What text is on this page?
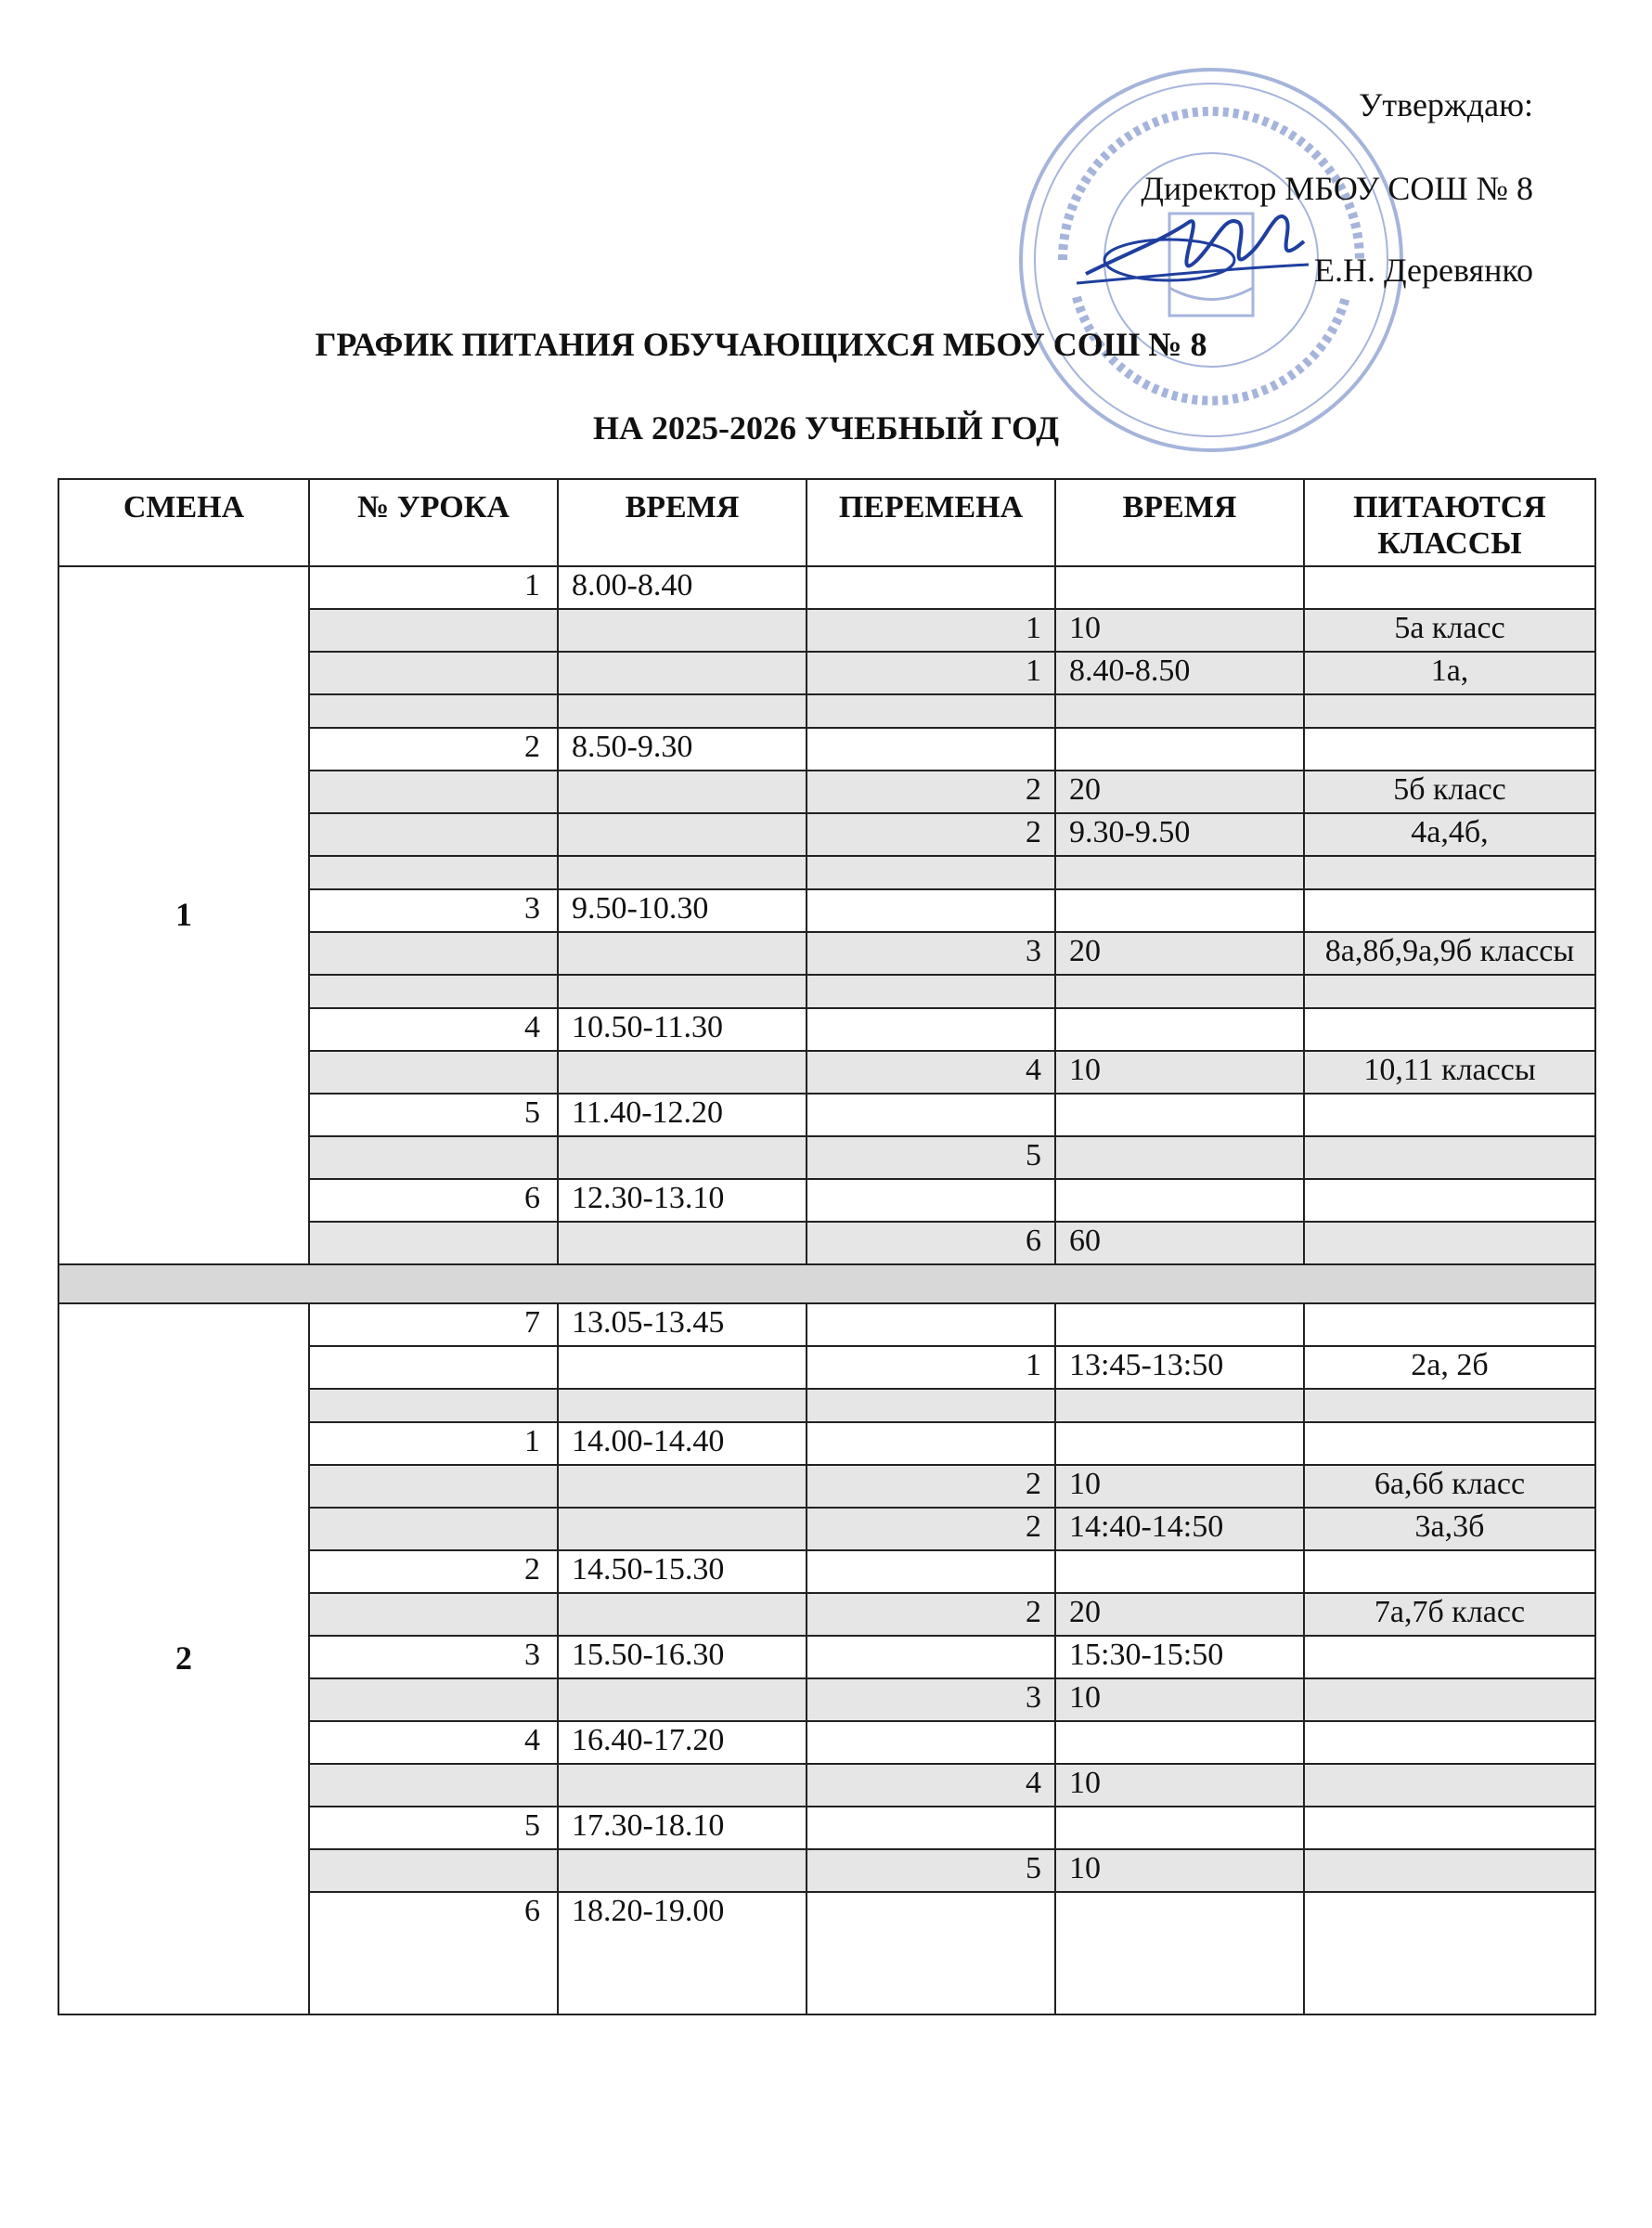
Утверждаю:
Директор МБОУ СОШ № 8
Е.Н. Деревянко
ГРАФИК ПИТАНИЯ ОБУЧАЮЩИХСЯ МБОУ СОШ № 8
НА 2025-2026 УЧЕБНЫЙ ГОД
СМЕНА	№ УРОКА	ВРЕМЯ	ПЕРЕМЕНА	ВРЕМЯ	ПИТАЮТСЯ КЛАССЫ
1	1	8.00-8.40			
			1	10	5а класс
			1	8.40-8.50	1а,

	2	8.50-9.30			
			2	20	5б класс
			2	9.30-9.50	4а,4б,

	3	9.50-10.30			
			3	20	8а,8б,9а,9б классы

	4	10.50-11.30			
			4	10	10,11 классы
	5	11.40-12.20			
			5		
	6	12.30-13.10			
			6	60	

2	7	13.05-13.45			
			1	13:45-13:50	2а, 2б

	1	14.00-14.40			
			2	10	6а,6б класс
			2	14:40-14:50	3а,3б
	2	14.50-15.30			
			2	20	7а,7б класс
	3	15.50-16.30		15:30-15:50	
			3	10	
	4	16.40-17.20			
			4	10	
	5	17.30-18.10			
			5	10	
	6	18.20-19.00			
